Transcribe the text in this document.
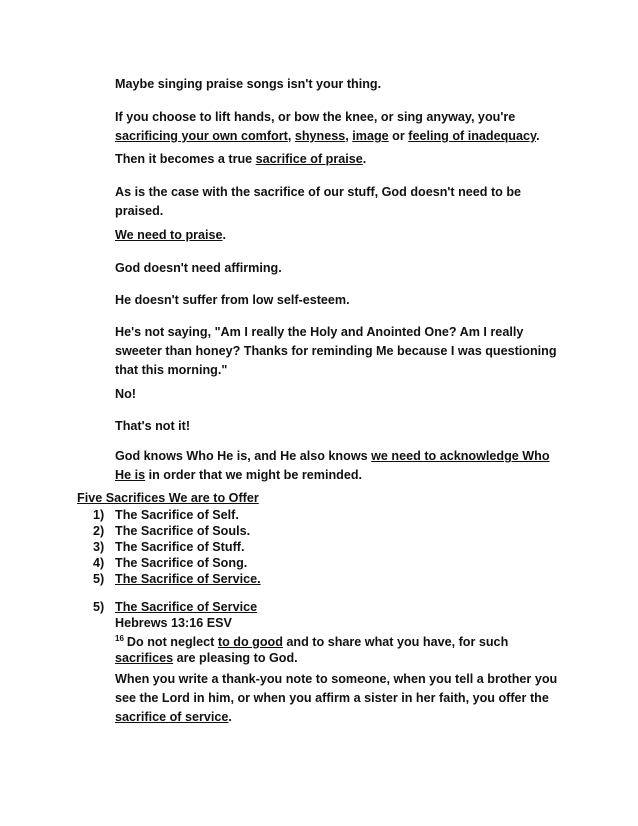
Maybe singing praise songs isn't your thing.

If you choose to lift hands, or bow the knee, or sing anyway, you're
sacrificing your own comfort, shyness, image or feeling of inadequacy.

Then it becomes a true sacrifice of praise.

As is the case with the sacrifice of our stuff, God doesn't need to be
praised.

We need to praise.

God doesn't need affirming.

He doesn't suffer from low self-esteem.

He's not saying, "Am I really the Holy and Anointed One? Am I really
sweeter than honey? Thanks for reminding Me because I was questioning
that this morning."

No!

That's not it!

God knows Who He is, and He also knows we need to acknowledge Who
He is in order that we might be reminded.

Five Sacrifices We are to Offer
1) The Sacrifice of Self.
2) The Sacrifice of Souls.
3) The Sacrifice of Stuff.
4) The Sacrifice of Song.
5) The Sacrifice of Service.
5) The Sacrifice of Service
Hebrews 13:16 ESV
$^{16}$ Do not neglect to do good and to share what you have, for such
sacrifices are pleasing to God.

When you write a thank-you note to someone, when you tell a brother you
see the Lord in him, or when you affirm a sister in her faith, you offer the
sacrifice of service.
